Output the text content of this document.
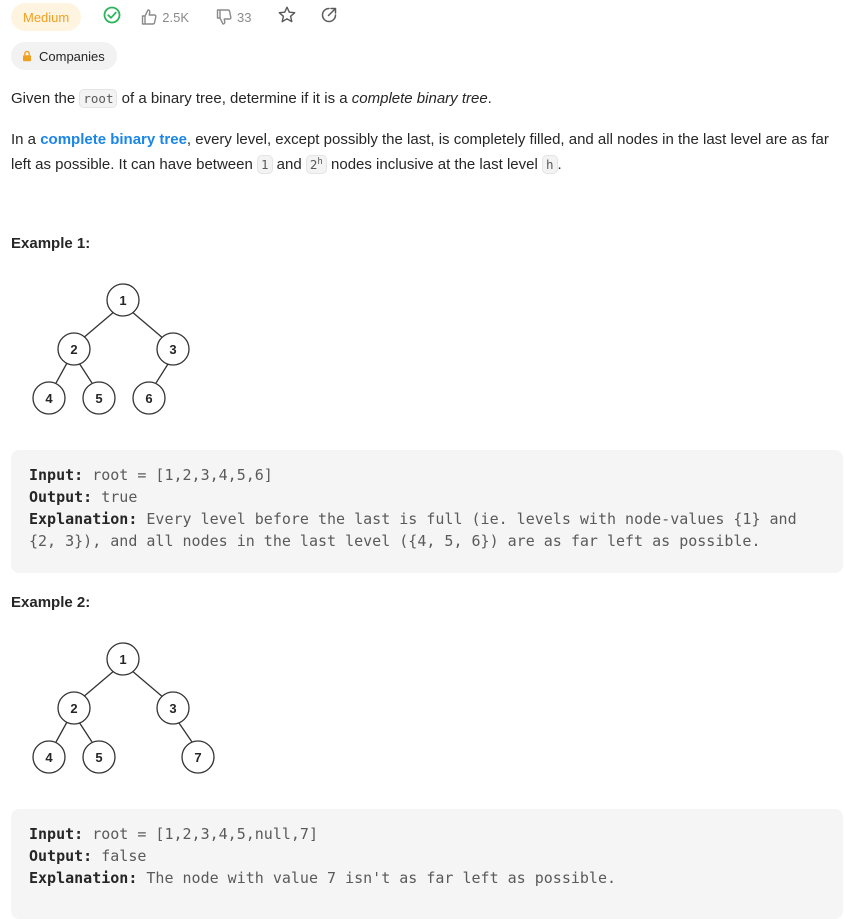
Medium	2.5K	33
Companies

Given the root of a binary tree, determine if it is a complete binary tree.

In a complete binary tree, every level, except possibly the last, is completely filled, and all nodes in the last level are as far left as possible. It can have between 1 and 2$^h$ nodes inclusive at the last level h .

Example 1:
1
2	3
4	5	6
Input: root = [1,2,3,4,5,6]
Output: true
Explanation: Every level before the last is full (ie. levels with node-values {1} and {2, 3}), and all nodes in the last level ({4, 5, 6}) are as far left as possible.
Example 2:
1
2	3
4	5	7
Input: root = [1,2,3,4,5,null,7]
Output: false
Explanation: The node with value 7 isn't as far left as possible.
